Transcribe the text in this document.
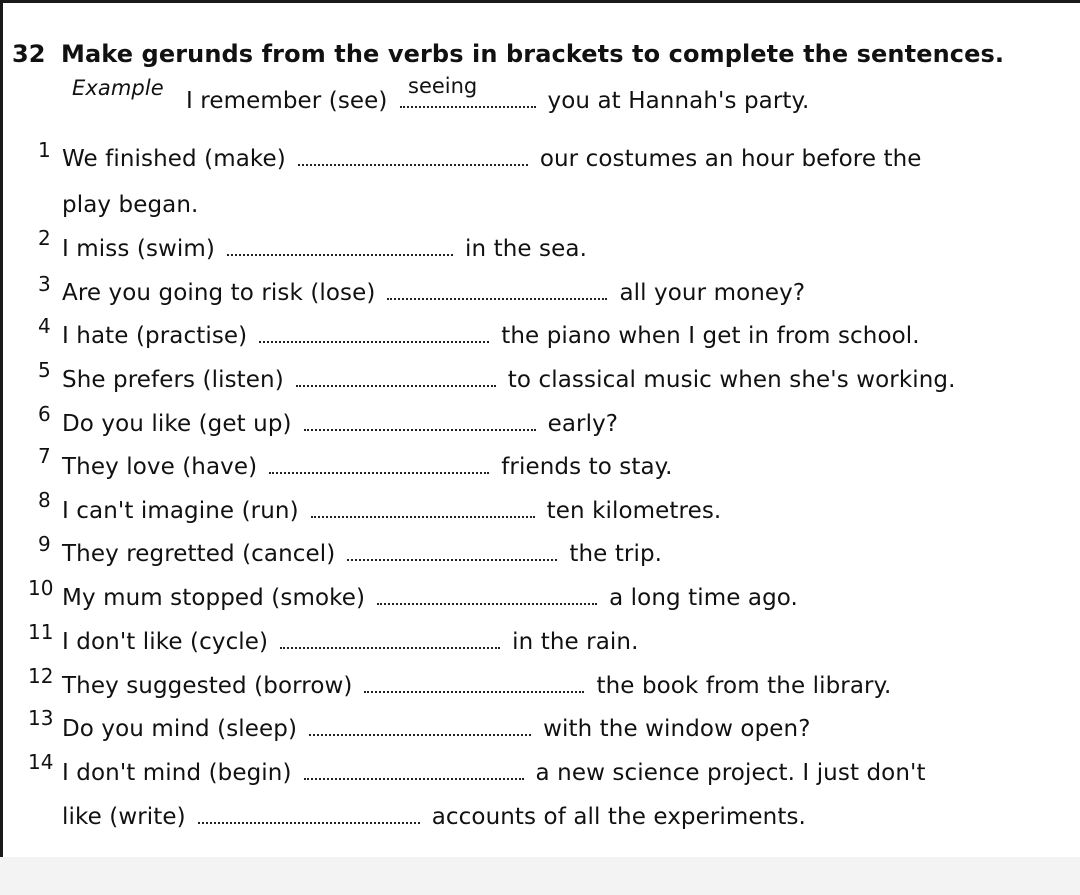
32 Make gerunds from the verbs in brackets to complete the sentences.
Example	seeing
I remember (see)	you at Hannah's party.
1 We finished (make)	our costumes an hour before the
play began.
2 I miss (swim)	in the sea.
3 Are you going to risk (lose)	all your money?
4 I hate (practise)	the piano when I get in from school.
5 She prefers (listen)	to classical music when she's working.
6 Do you like (get up)	early?
7 They love (have)	friends to stay.
8 I can't imagine (run)	ten kilometres.
9 They regretted (cancel)	the trip.
10 My mum stopped (smoke)	a long time ago.
11 I don't like (cycle)	in the rain.
12 They suggested (borrow)	the book from the library.
13 Do you mind (sleep)	with the window open?
14 I don't mind (begin)	a new science project. I just don't
like (write)	accounts of all the experiments.
